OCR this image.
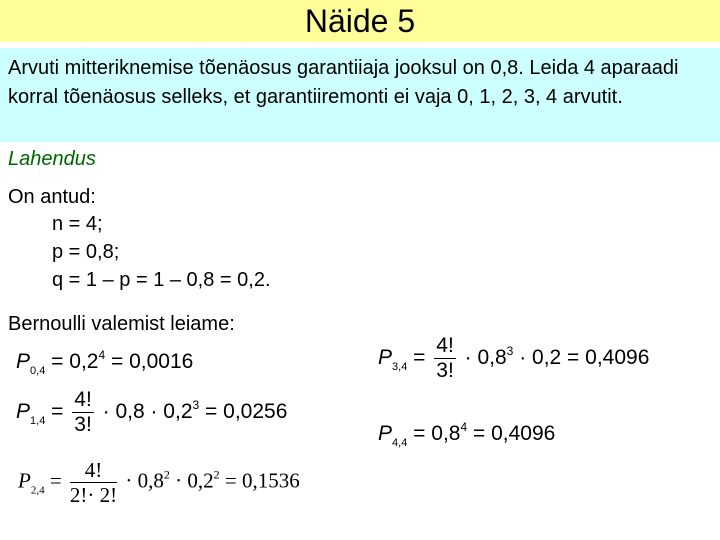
Näide 5
Arvuti mitteriknemise tõenäosus garantiiaja jooksul on 0,8. Leida 4 aparaadi korral tõenäosus selleks, et garantiiremonti ei vaja 0, 1, 2, 3, 4 arvutit.
Lahendus
On antud:
n = 4;
p = 0,8;
q = 1 – p = 1 – 0,8 = 0,2.
Bernoulli valemist leiame:
$P_{0,4} = 0,2^4 = 0,0016$
$P_{1,4} = \frac{4!}{3!} \cdot 0,8 \cdot 0,2^3 = 0,0256$
$P_{2,4} = \frac{4!}{2!\cdot 2!} \cdot 0,8^2 \cdot 0,2^2 = 0,1536$
$P_{3,4} = \frac{4!}{3!} \cdot 0,8^3 \cdot 0,2 = 0,4096$
$P_{4,4} = 0,8^4 = 0,4096$
